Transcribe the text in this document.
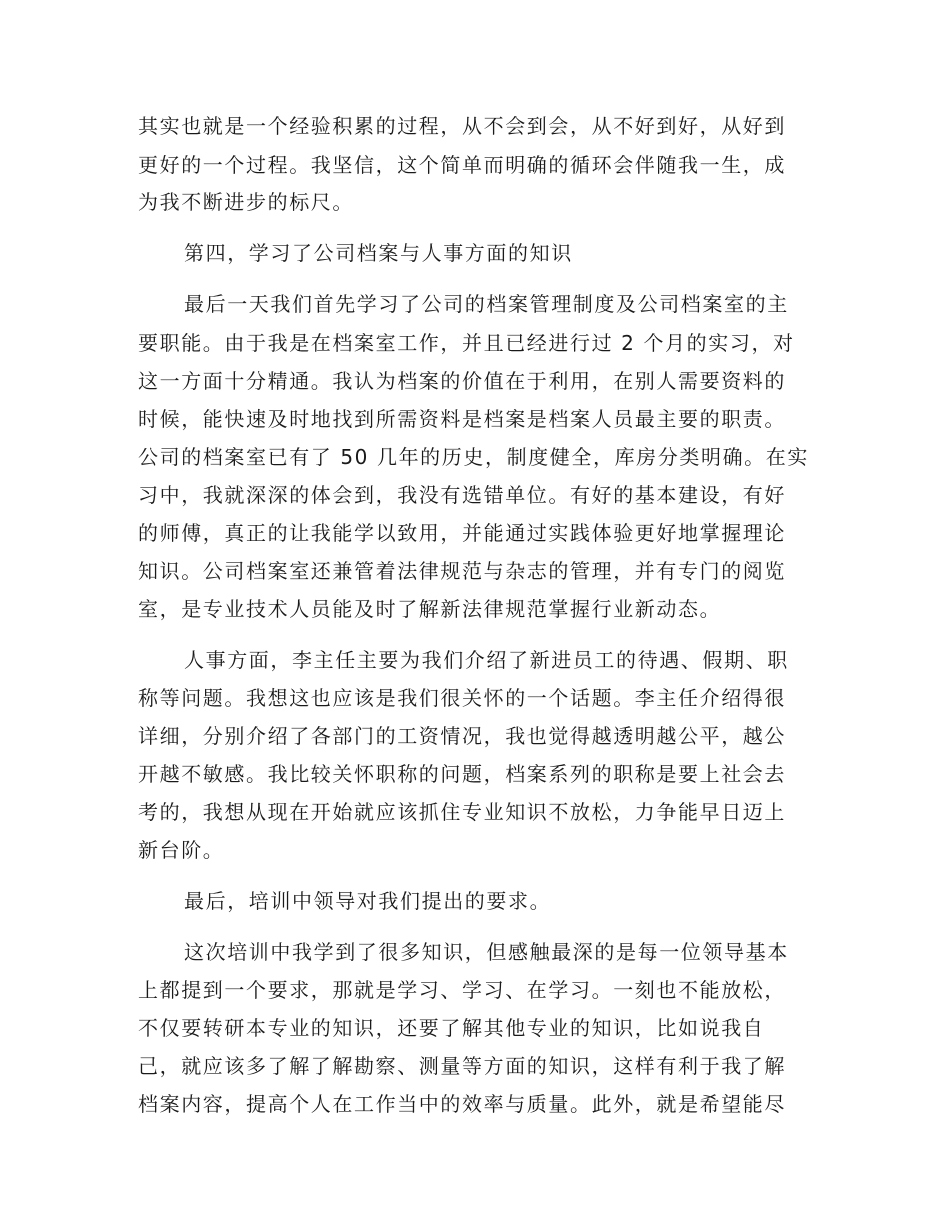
其实也就是一个经验积累的过程，从不会到会，从不好到好，从好到
更好的一个过程。我坚信，这个简单而明确的循环会伴随我一生，成
为我不断进步的标尺。
第四，学习了公司档案与人事方面的知识
最后一天我们首先学习了公司的档案管理制度及公司档案室的主
要职能。由于我是在档案室工作，并且已经进行过 2 个月的实习，对
这一方面十分精通。我认为档案的价值在于利用，在别人需要资料的
时候，能快速及时地找到所需资料是档案是档案人员最主要的职责。
公司的档案室已有了 50 几年的历史，制度健全，库房分类明确。在实
习中，我就深深的体会到，我没有选错单位。有好的基本建设，有好
的师傅，真正的让我能学以致用，并能通过实践体验更好地掌握理论
知识。公司档案室还兼管着法律规范与杂志的管理，并有专门的阅览
室，是专业技术人员能及时了解新法律规范掌握行业新动态。
人事方面，李主任主要为我们介绍了新进员工的待遇、假期、职
称等问题。我想这也应该是我们很关怀的一个话题。李主任介绍得很
详细，分别介绍了各部门的工资情况，我也觉得越透明越公平，越公
开越不敏感。我比较关怀职称的问题，档案系列的职称是要上社会去
考的，我想从现在开始就应该抓住专业知识不放松，力争能早日迈上
新台阶。
最后，培训中领导对我们提出的要求。
这次培训中我学到了很多知识，但感触最深的是每一位领导基本
上都提到一个要求，那就是学习、学习、在学习。一刻也不能放松，
不仅要转研本专业的知识，还要了解其他专业的知识，比如说我自
己，就应该多了解了解勘察、测量等方面的知识，这样有利于我了解
档案内容，提高个人在工作当中的效率与质量。此外，就是希望能尽
